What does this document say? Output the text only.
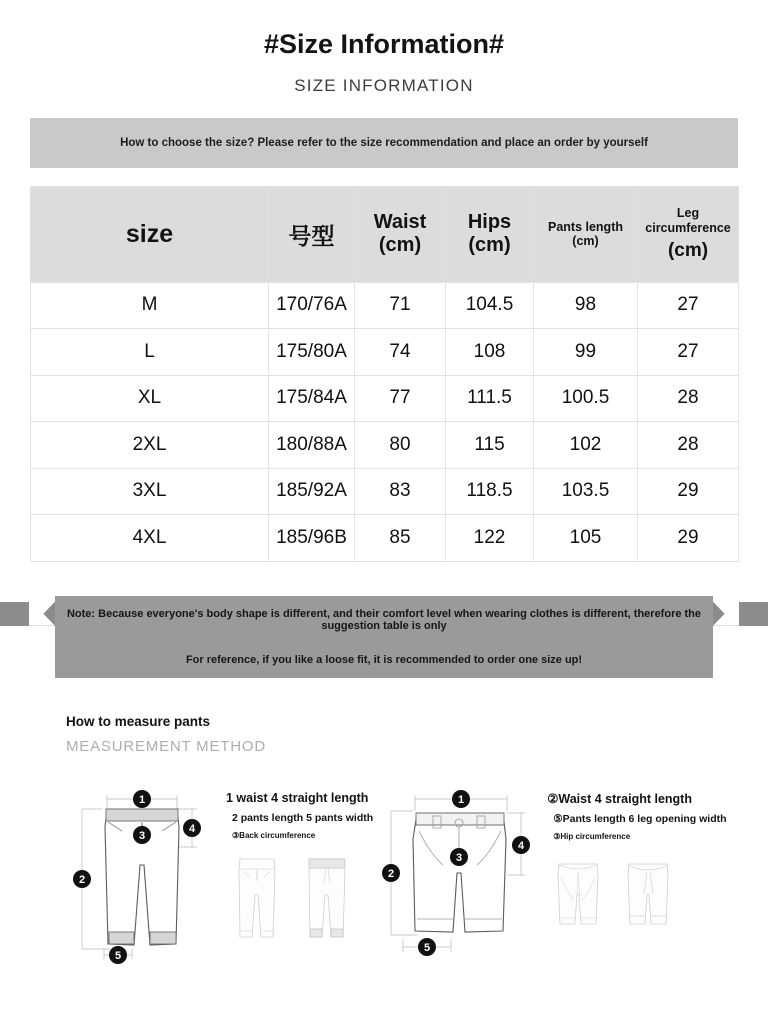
#Size Information#
SIZE INFORMATION
How to choose the size? Please refer to the size recommendation and place an order by yourself
size	号型	Waist (cm)	Hips (cm)	Pants length (cm)	Leg circumference
(cm)

M	170/76A	71	104.5	98	27
L	175/80A	74	108	99	27
XL	175/84A	77	111.5	100.5	28
2XL	180/88A	80	115	102	28
3XL	185/92A	83	118.5	103.5	29
4XL	185/96B	85	122	105	29
Note: Because everyone's body shape is different, and their comfort level when wearing clothes is different, therefore the suggestion table is only
For reference, if you like a loose fit, it is recommended to order one size up!
How to measure pants
MEASUREMENT METHOD
1
2
3
4
5
1 waist 4 straight length
2 pants length 5 pants width
③Back circumference
1
2
3
4
5
②Waist 4 straight length
⑤Pants length 6 leg opening width
③Hip circumference
